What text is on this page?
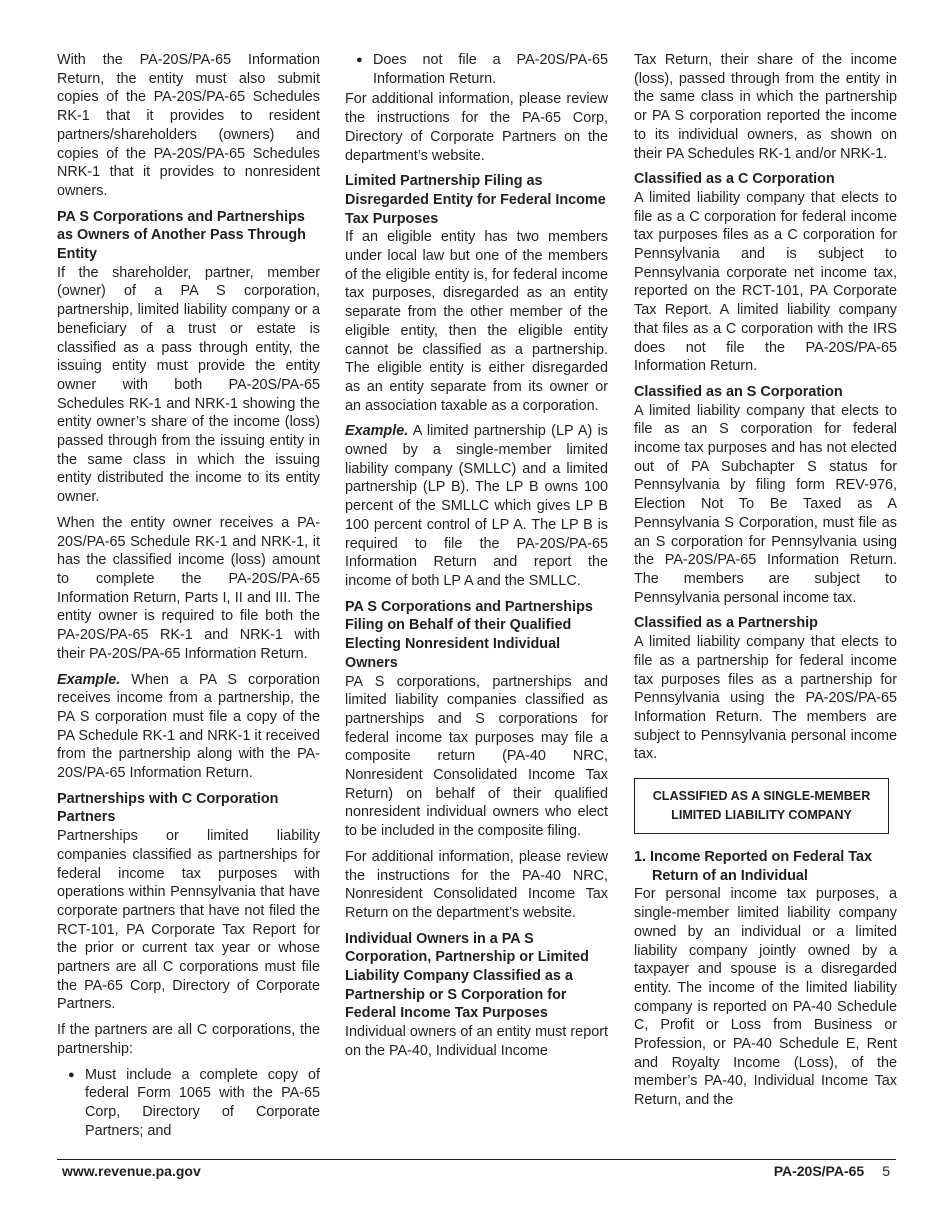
With the PA-20S/PA-65 Information Return, the entity must also submit copies of the PA-20S/PA-65 Schedules RK-1 that it provides to resident partners/shareholders (owners) and copies of the PA-20S/PA-65 Schedules NRK-1 that it provides to nonresident owners.
PA S Corporations and Partnerships as Owners of Another Pass Through Entity
If the shareholder, partner, member (owner) of a PA S corporation, partnership, limited liability company or a beneficiary of a trust or estate is classified as a pass through entity, the issuing entity must provide the entity owner with both PA-20S/PA-65 Schedules RK-1 and NRK-1 showing the entity owner’s share of the income (loss) passed through from the issuing entity in the same class in which the issuing entity distributed the income to its entity owner.
When the entity owner receives a PA-20S/PA-65 Schedule RK-1 and NRK-1, it has the classified income (loss) amount to complete the PA-20S/PA-65 Information Return, Parts I, II and III. The entity owner is required to file both the PA-20S/PA-65 RK-1 and NRK-1 with their PA-20S/PA-65 Information Return.
Example. When a PA S corporation receives income from a partnership, the PA S corporation must file a copy of the PA Schedule RK-1 and NRK-1 it received from the partnership along with the PA-20S/PA-65 Information Return.
Partnerships with C Corporation Partners
Partnerships or limited liability companies classified as partnerships for federal income tax purposes with operations within Pennsylvania that have corporate partners that have not filed the RCT-101, PA Corporate Tax Report for the prior or current tax year or whose partners are all C corporations must file the PA-65 Corp, Directory of Corporate Partners.
If the partners are all C corporations, the partnership:
● Must include a complete copy of federal Form 1065 with the PA-65 Corp, Directory of Corporate Partners; and
● Does not file a PA-20S/PA-65 Information Return.
For additional information, please review the instructions for the PA-65 Corp, Directory of Corporate Partners on the department’s website.
Limited Partnership Filing as Disregarded Entity for Federal Income Tax Purposes
If an eligible entity has two members under local law but one of the members of the eligible entity is, for federal income tax purposes, disregarded as an entity separate from the other member of the eligible entity, then the eligible entity cannot be classified as a partnership. The eligible entity is either disregarded as an entity separate from its owner or an association taxable as a corporation.
Example. A limited partnership (LP A) is owned by a single-member limited liability company (SMLLC) and a limited partnership (LP B). The LP B owns 100 percent of the SMLLC which gives LP B 100 percent control of LP A. The LP B is required to file the PA-20S/PA-65 Information Return and report the income of both LP A and the SMLLC.
PA S Corporations and Partnerships Filing on Behalf of their Qualified Electing Nonresident Individual Owners
PA S corporations, partnerships and limited liability companies classified as partnerships and S corporations for federal income tax purposes may file a composite return (PA-40 NRC, Nonresident Consolidated Income Tax Return) on behalf of their qualified nonresident individual owners who elect to be included in the composite filing.
For additional information, please review the instructions for the PA-40 NRC, Nonresident Consolidated Income Tax Return on the department’s website.
Individual Owners in a PA S Corporation, Partnership or Limited Liability Company Classified as a Partnership or S Corporation for Federal Income Tax Purposes
Individual owners of an entity must report on the PA-40, Individual Income
Tax Return, their share of the income (loss), passed through from the entity in the same class in which the partnership or PA S corporation reported the income to its individual owners, as shown on their PA Schedules RK-1 and/or NRK-1.
Classified as a C Corporation
A limited liability company that elects to file as a C corporation for federal income tax purposes files as a C corporation for Pennsylvania and is subject to Pennsylvania corporate net income tax, reported on the RCT-101, PA Corporate Tax Report. A limited liability company that files as a C corporation with the IRS does not file the PA-20S/PA-65 Information Return.
Classified as an S Corporation
A limited liability company that elects to file as an S corporation for federal income tax purposes and has not elected out of PA Subchapter S status for Pennsylvania by filing form REV-976, Election Not To Be Taxed as A Pennsylvania S Corporation, must file as an S corporation for Pennsylvania using the PA-20S/PA-65 Information Return. The members are subject to Pennsylvania personal income tax.
Classified as a Partnership
A limited liability company that elects to file as a partnership for federal income tax purposes files as a partnership for Pennsylvania using the PA-20S/PA-65 Information Return. The members are subject to Pennsylvania personal income tax.
CLASSIFIED AS A SINGLE-MEMBER LIMITED LIABILITY COMPANY
1. Income Reported on Federal Tax Return of an Individual
For personal income tax purposes, a single-member limited liability company owned by an individual or a limited liability company jointly owned by a taxpayer and spouse is a disregarded entity. The income of the limited liability company is reported on PA-40 Schedule C, Profit or Loss from Business or Profession, or PA-40 Schedule E, Rent and Royalty Income (Loss), of the member’s PA-40, Individual Income Tax Return, and the
www.revenue.pa.gov	PA-20S/PA-65 5
